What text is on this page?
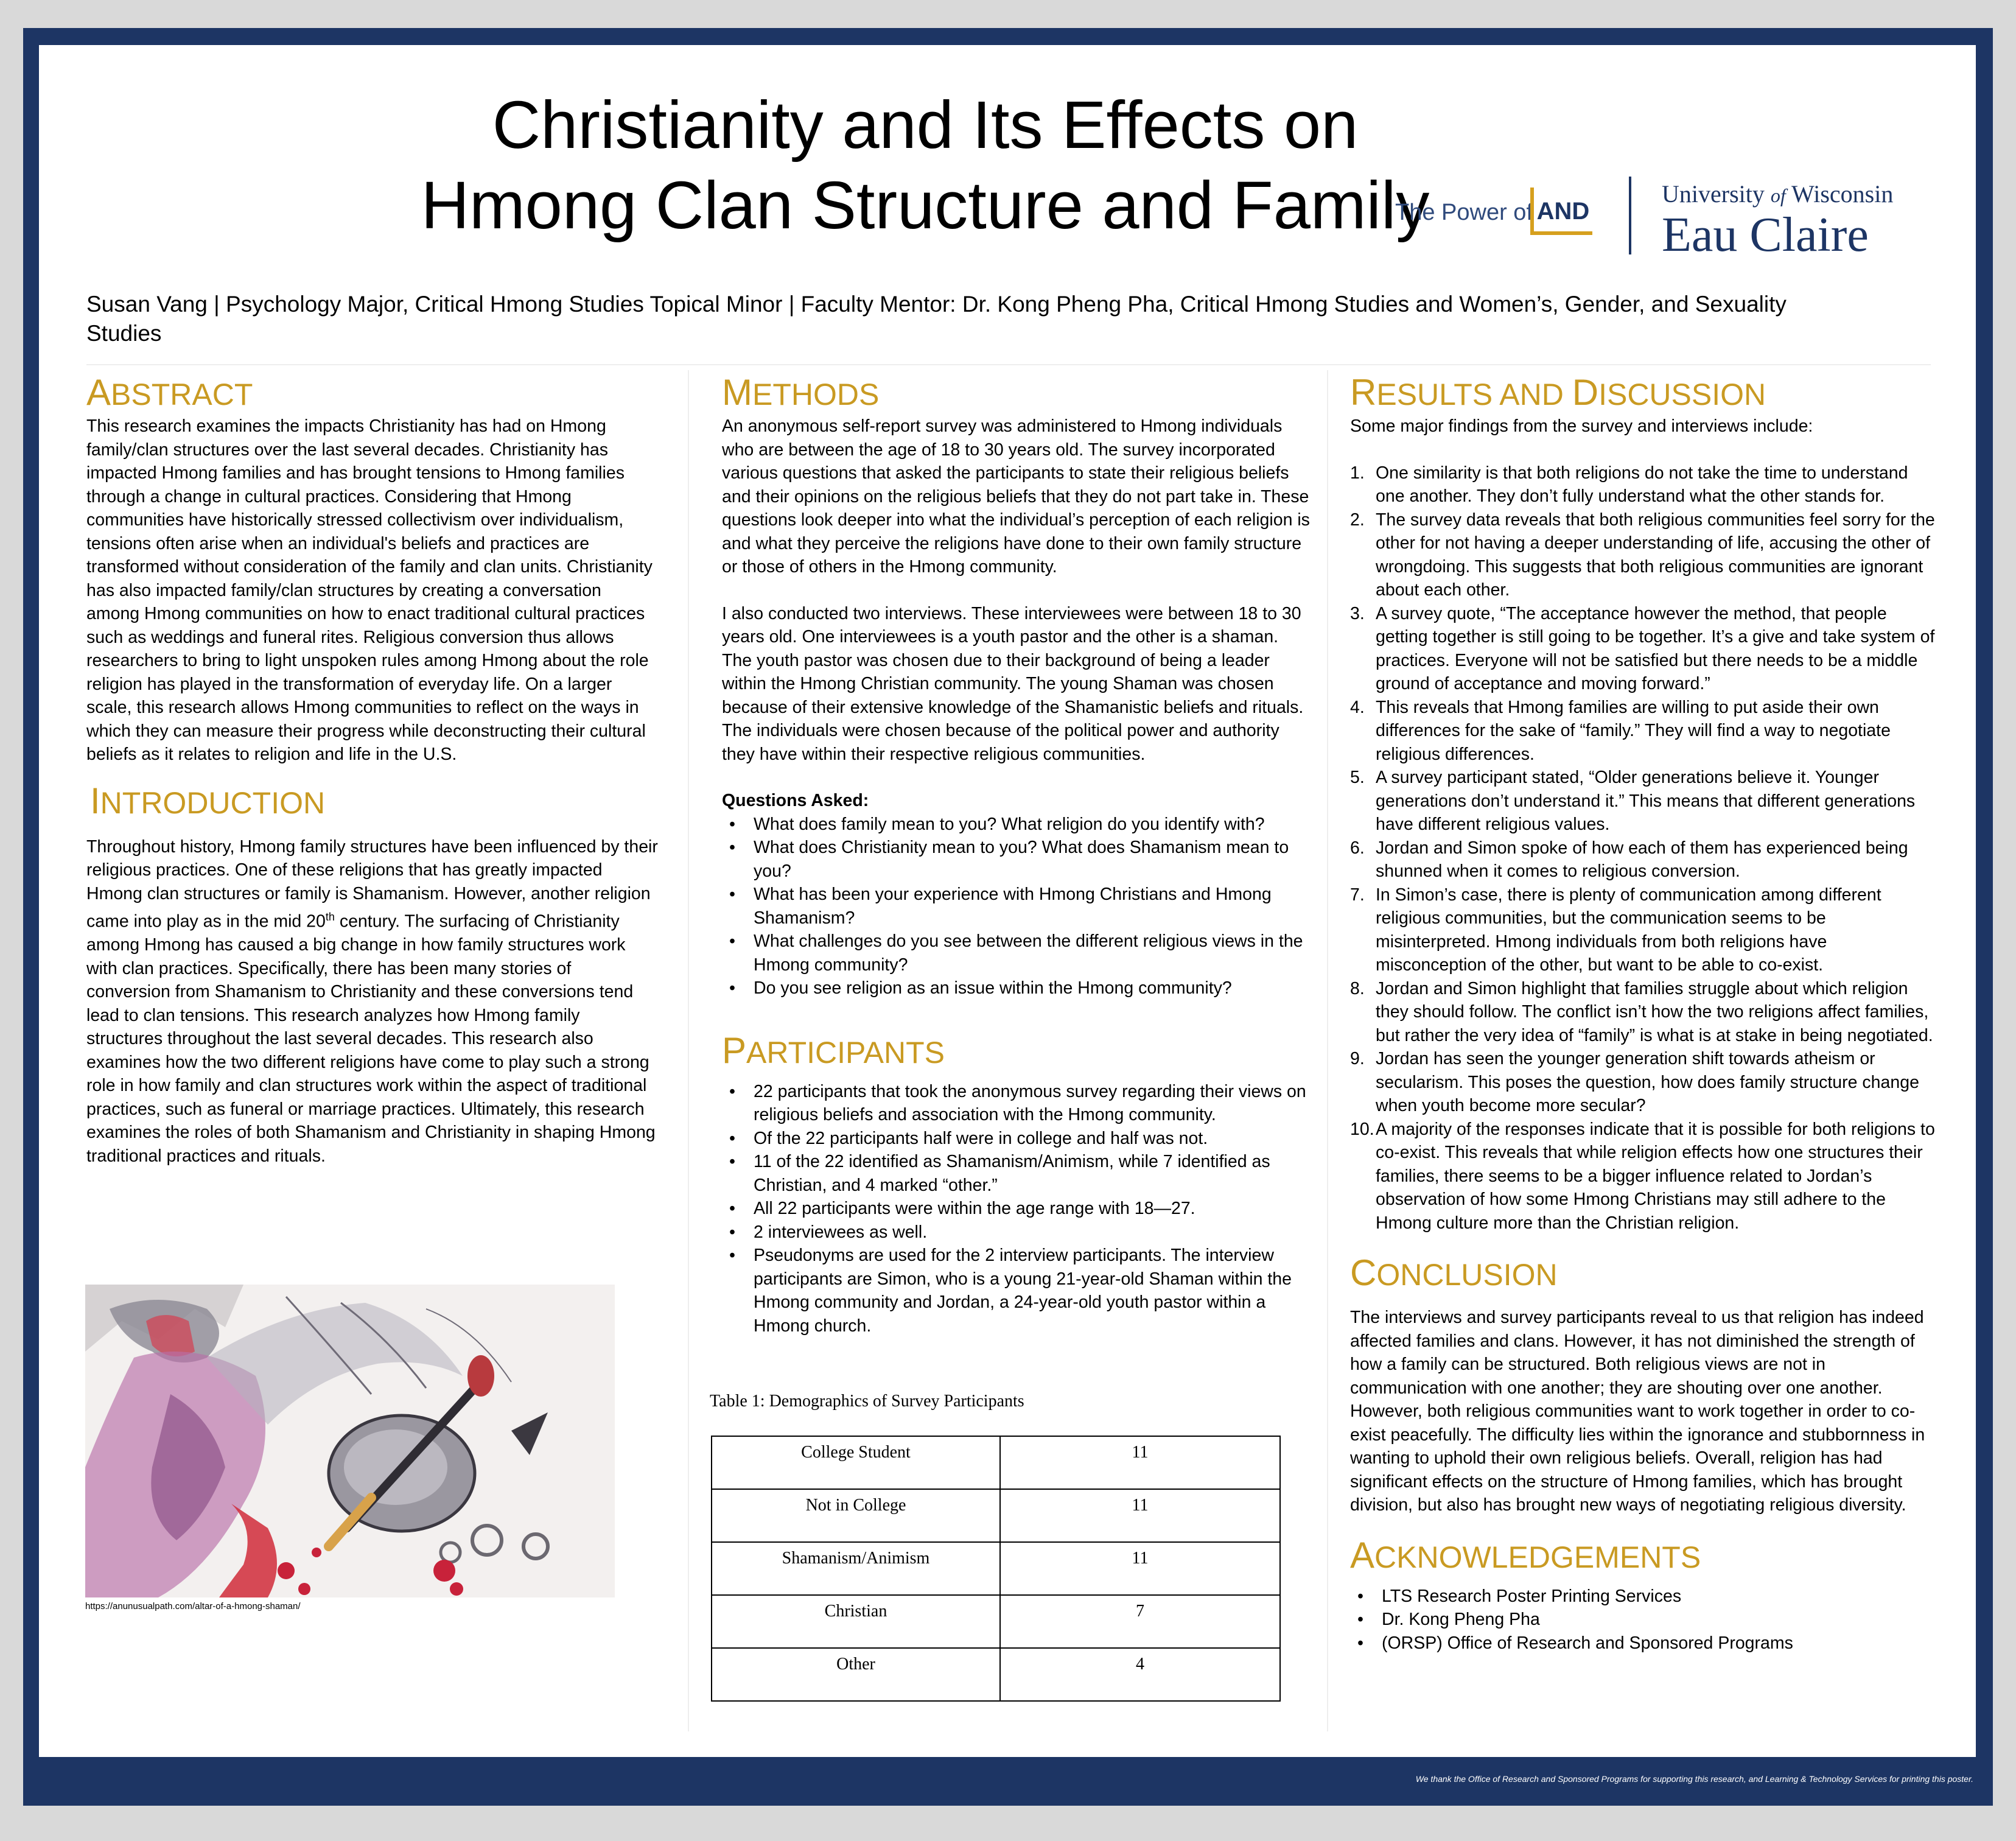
Christianity and Its Effects on
Hmong Clan Structure and Family
The Power of AND
University of Wisconsin
Eau Claire
Susan Vang | Psychology Major, Critical Hmong Studies Topical Minor | Faculty Mentor: Dr. Kong Pheng Pha, Critical Hmong Studies and Women’s, Gender, and Sexuality Studies
ABSTRACT

This research examines the impacts Christianity has had on Hmong family/clan structures over the last several decades. Christianity has impacted Hmong families and has brought tensions to Hmong families through a change in cultural practices. Considering that Hmong communities have historically stressed collectivism over individualism, tensions often arise when an individual's beliefs and practices are transformed without consideration of the family and clan units. Christianity has also impacted family/clan structures by creating a conversation among Hmong communities on how to enact traditional cultural practices such as weddings and funeral rites. Religious conversion thus allows researchers to bring to light unspoken rules among Hmong about the role religion has played in the transformation of everyday life. On a larger scale, this research allows Hmong communities to reflect on the ways in which they can measure their progress while deconstructing their cultural beliefs as it relates to religion and life in the U.S.

INTRODUCTION

Throughout history, Hmong family structures have been influenced by their religious practices. One of these religions that has greatly impacted Hmong clan structures or family is Shamanism. However, another religion came into play as in the mid 20th century. The surfacing of Christianity among Hmong has caused a big change in how family structures work with clan practices. Specifically, there has been many stories of conversion from Shamanism to Christianity and these conversions tend lead to clan tensions. This research analyzes how Hmong family structures throughout the last several decades. This research also examines how the two different religions have come to play such a strong role in how family and clan structures work within the aspect of traditional practices, such as funeral or marriage practices. Ultimately, this research examines the roles of both Shamanism and Christianity in shaping Hmong traditional practices and rituals.

https://anunusualpath.com/altar-of-a-hmong-shaman/
METHODS

An anonymous self-report survey was administered to Hmong individuals who are between the age of 18 to 30 years old. The survey incorporated various questions that asked the participants to state their religious beliefs and their opinions on the religious beliefs that they do not part take in. These questions look deeper into what the individual’s perception of each religion is and what they perceive the religions have done to their own family structure or those of others in the Hmong community.

I also conducted two interviews. These interviewees were between 18 to 30 years old. One interviewees is a youth pastor and the other is a shaman. The youth pastor was chosen due to their background of being a leader within the Hmong Christian community. The young Shaman was chosen because of their extensive knowledge of the Shamanistic beliefs and rituals. The individuals were chosen because of the political power and authority they have within their respective religious communities.

Questions Asked:

• What does family mean to you? What religion do you identify with?
• What does Christianity mean to you? What does Shamanism mean to you?
• What has been your experience with Hmong Christians and Hmong Shamanism?
• What challenges do you see between the different religious views in the Hmong community?
• Do you see religion as an issue within the Hmong community?
PARTICIPANTS
• 22 participants that took the anonymous survey regarding their views on religious beliefs and association with the Hmong community.
• Of the 22 participants half were in college and half was not.
• 11 of the 22 identified as Shamanism/Animism, while 7 identified as Christian, and 4 marked “other.”
• All 22 participants were within the age range with 18—27.
• 2 interviewees as well.
• Pseudonyms are used for the 2 interview participants. The interview participants are Simon, who is a young 21-year-old Shaman within the Hmong community and Jordan, a 24-year-old youth pastor within a Hmong church.
Table 1: Demographics of Survey Participants
College Student	11
Not in College	11
Shamanism/Animism	11
Christian	7
Other	4
RESULTS AND DISCUSSION

Some major findings from the survey and interviews include:

1. One similarity is that both religions do not take the time to understand one another. They don’t fully understand what the other stands for.
2. The survey data reveals that both religious communities feel sorry for the other for not having a deeper understanding of life, accusing the other of wrongdoing. This suggests that both religious communities are ignorant about each other.
3. A survey quote, “The acceptance however the method, that people getting together is still going to be together. It’s a give and take system of practices. Everyone will not be satisfied but there needs to be a middle ground of acceptance and moving forward.”
4. This reveals that Hmong families are willing to put aside their own differences for the sake of “family.” They will find a way to negotiate religious differences.
5. A survey participant stated, “Older generations believe it. Younger generations don’t understand it.” This means that different generations have different religious values.
6. Jordan and Simon spoke of how each of them has experienced being shunned when it comes to religious conversion.
7. In Simon’s case, there is plenty of communication among different religious communities, but the communication seems to be misinterpreted. Hmong individuals from both religions have misconception of the other, but want to be able to co-exist.
8. Jordan and Simon highlight that families struggle about which religion they should follow. The conflict isn’t how the two religions affect families, but rather the very idea of “family” is what is at stake in being negotiated.
9. Jordan has seen the younger generation shift towards atheism or secularism. This poses the question, how does family structure change when youth become more secular?
10. A majority of the responses indicate that it is possible for both religions to co-exist. This reveals that while religion effects how one structures their families, there seems to be a bigger influence related to Jordan’s observation of how some Hmong Christians may still adhere to the Hmong culture more than the Christian religion.
CONCLUSION

The interviews and survey participants reveal to us that religion has indeed affected families and clans. However, it has not diminished the strength of how a family can be structured. Both religious views are not in communication with one another; they are shouting over one another. However, both religious communities want to work together in order to co-exist peacefully. The difficulty lies within the ignorance and stubbornness in wanting to uphold their own religious beliefs. Overall, religion has had significant effects on the structure of Hmong families, which has brought division, but also has brought new ways of negotiating religious diversity.

ACKNOWLEDGEMENTS
• LTS Research Poster Printing Services
• Dr. Kong Pheng Pha
• (ORSP) Office of Research and Sponsored Programs
We thank the Office of Research and Sponsored Programs for supporting this research, and Learning & Technology Services for printing this poster.
